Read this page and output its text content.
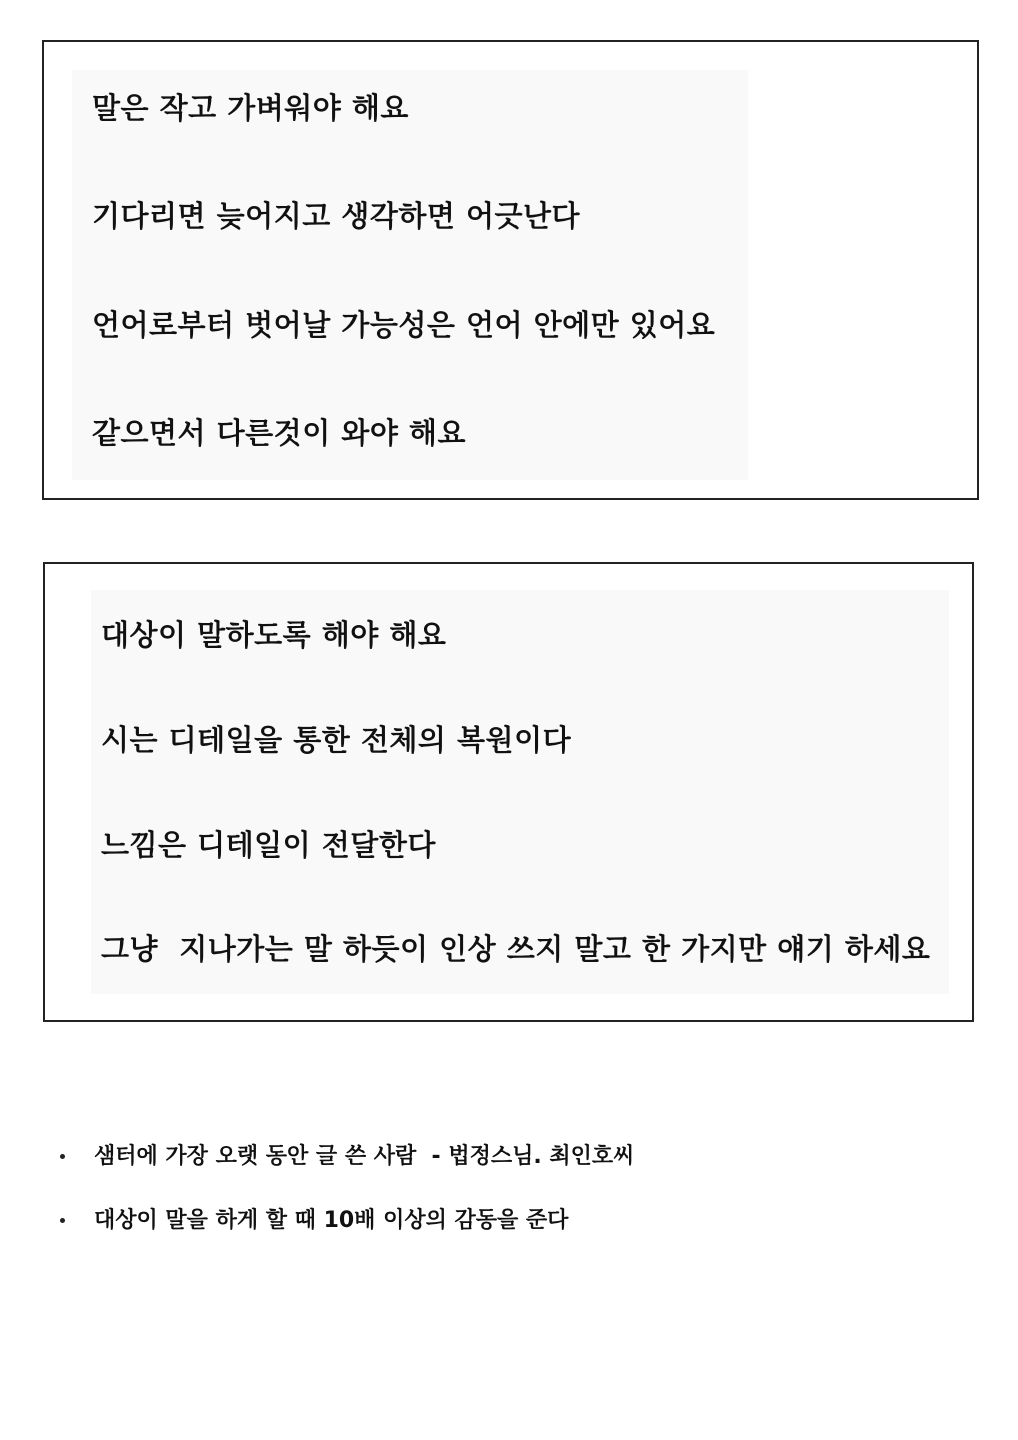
말은 작고 가벼워야 해요
기다리면 늦어지고 생각하면 어긋난다
언어로부터 벗어날 가능성은 언어 안에만 있어요
같으면서 다른것이 와야 해요
대상이 말하도록 해야 해요
시는 디테일을 통한 전체의 복원이다
느낌은 디테일이 전달한다
그냥  지나가는 말 하듯이 인상 쓰지 말고 한 가지만 얘기 하세요

샘터에 가장 오랫 동안 글 쓴 사람  - 법정스님. 최인호씨

대상이 말을 하게 할 때 10배 이상의 감동을 준다
